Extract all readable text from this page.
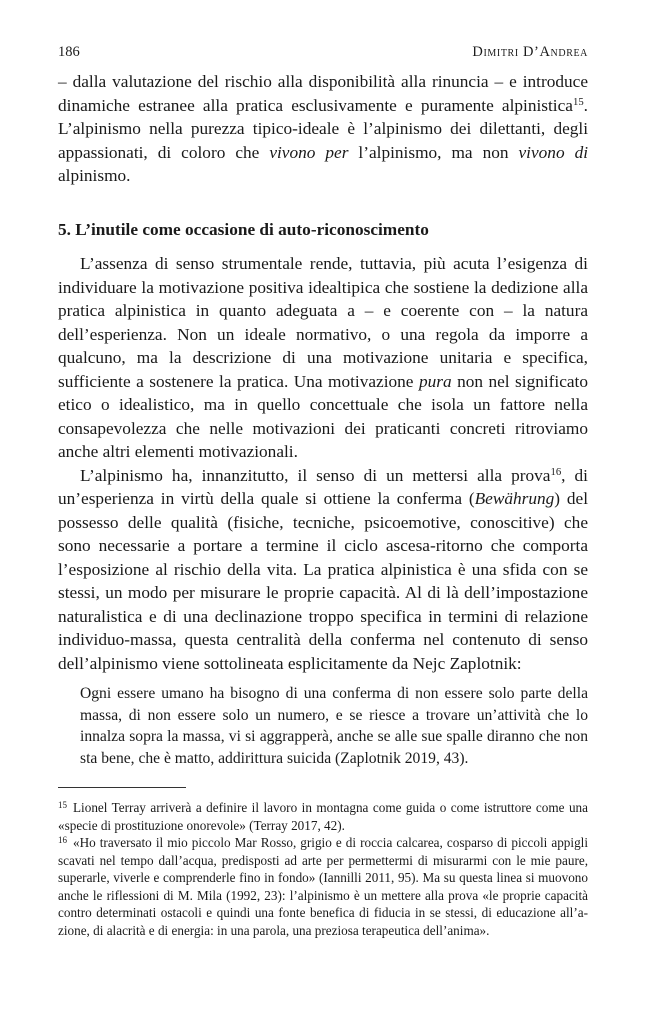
186	Dimitri D’Andrea

– dalla valutazione del rischio alla disponibilità alla rinuncia – e introduce dinamiche estranee alla pratica esclusivamente e puramente alpinistica$^{15}$. L’alpinismo nella purezza tipico-ideale è l’alpinismo dei dilettanti, degli appassionati, di coloro che vivono per l’alpinismo, ma non vivono di alpinismo.

5. L’inutile come occasione di auto-riconoscimento

L’assenza di senso strumentale rende, tuttavia, più acuta l’esigenza di individuare la motivazione positiva idealtipica che sostiene la dedizione alla pratica alpinistica in quanto adeguata a – e coerente con – la natura dell’esperienza. Non un ideale normativo, o una regola da imporre a qualcuno, ma la descrizione di una motivazione unitaria e specifica, sufficiente a sostenere la pratica. Una motivazione pura non nel significato etico o idealistico, ma in quello concettuale che isola un fattore nella consapevolezza che nelle motivazioni dei praticanti concreti ritroviamo anche altri elementi motivazionali.

L’alpinismo ha, innanzitutto, il senso di un mettersi alla prova$^{16}$, di un’esperienza in virtù della quale si ottiene la conferma (Bewährung) del possesso delle qualità (fisiche, tecniche, psicoemotive, conoscitive) che sono necessarie a portare a termine il ciclo ascesa-ritorno che comporta l’esposizione al rischio della vita. La pratica alpinistica è una sfida con se stessi, un modo per misurare le proprie capacità. Al di là dell’impostazione naturalistica e di una declinazione troppo specifica in termini di relazione individuo-massa, questa centralità della conferma nel contenuto di senso dell’alpinismo viene sottolineata esplicitamente da Nejc Zaplotnik:

Ogni essere umano ha bisogno di una conferma di non essere solo parte della massa, di non essere solo un numero, e se riesce a trovare un’attività che lo innalza sopra la massa, vi si aggrapperà, anche se alle sue spalle diranno che non sta bene, che è matto, addirittura suicida (Zaplotnik 2019, 43).

$^{15}$ Lionel Terray arriverà a definire il lavoro in montagna come guida o come istruttore come una «specie di prostituzione onorevole» (Terray 2017, 42).

$^{16}$ «Ho traversato il mio piccolo Mar Rosso, grigio e di roccia calcarea, cosparso di piccoli appigli scavati nel tempo dall’acqua, predisposti ad arte per permettermi di misurarmi con le mie paure, superarle, viverle e comprenderle fino in fondo» (Iannilli 2011, 95). Ma su questa linea si muovono anche le riflessioni di M. Mila (1992, 23): l’alpinismo è un mettere alla prova «le proprie capacità contro determinati ostacoli e quindi una fonte benefica di fiducia in se stessi, di educazione all’azione, di alacrità e di energia: in una parola, una preziosa terapeutica dell’anima».
